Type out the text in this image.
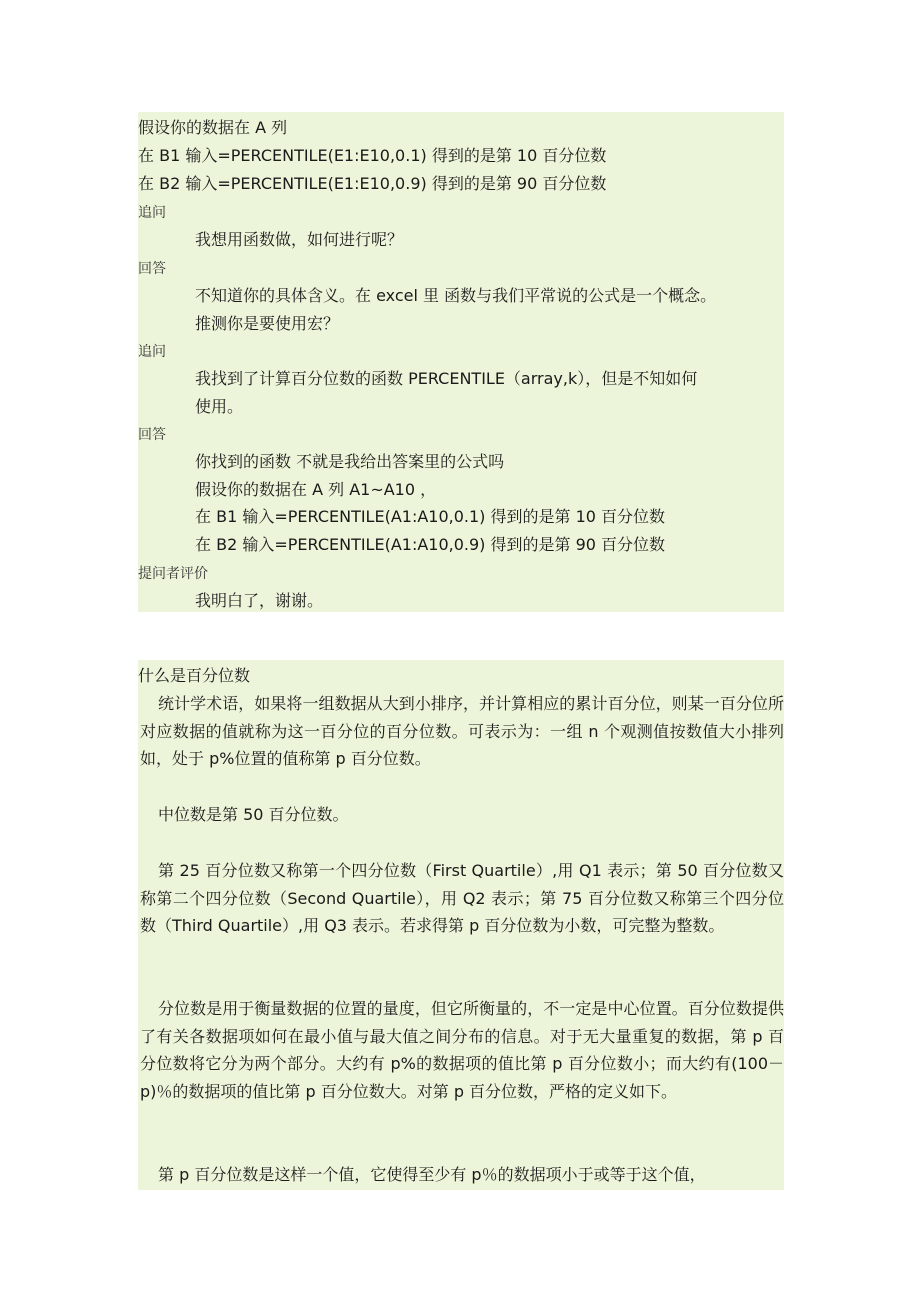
假设你的数据在 A 列
在 B1 输入=PERCENTILE(E1:E10,0.1) 得到的是第 10 百分位数
在 B2 输入=PERCENTILE(E1:E10,0.9) 得到的是第 90 百分位数
追问
我想用函数做，如何进行呢？
回答
不知道你的具体含义。在 excel 里 函数与我们平常说的公式是一个概念。
推测你是要使用宏？
追问
我找到了计算百分位数的函数 PERCENTILE（array,k），但是不知如何
使用。
回答
你找到的函数 不就是我给出答案里的公式吗
假设你的数据在 A 列 A1~A10 ，
在 B1 输入=PERCENTILE(A1:A10,0.1) 得到的是第 10 百分位数
在 B2 输入=PERCENTILE(A1:A10,0.9) 得到的是第 90 百分位数
提问者评价
我明白了，谢谢。
什么是百分位数
统计学术语，如果将一组数据从大到小排序，并计算相应的累计百分位，则某一百分位所对应数据的值就称为这一百分位的百分位数。可表示为：一组 n 个观测值按数值大小排列如，处于 p%位置的值称第 p 百分位数。
中位数是第 50 百分位数。
第 25 百分位数又称第一个四分位数（First Quartile）,用 Q1 表示；第 50 百分位数又称第二个四分位数（Second Quartile），用 Q2 表示；第 75 百分位数又称第三个四分位数（Third Quartile）,用 Q3 表示。若求得第 p 百分位数为小数，可完整为整数。
分位数是用于衡量数据的位置的量度，但它所衡量的，不一定是中心位置。百分位数提供了有关各数据项如何在最小值与最大值之间分布的信息。对于无大量重复的数据，第 p 百分位数将它分为两个部分。大约有 p%的数据项的值比第 p 百分位数小；而大约有(100－p)％的数据项的值比第 p 百分位数大。对第 p 百分位数，严格的定义如下。
第 p 百分位数是这样一个值，它使得至少有 p％的数据项小于或等于这个值，
